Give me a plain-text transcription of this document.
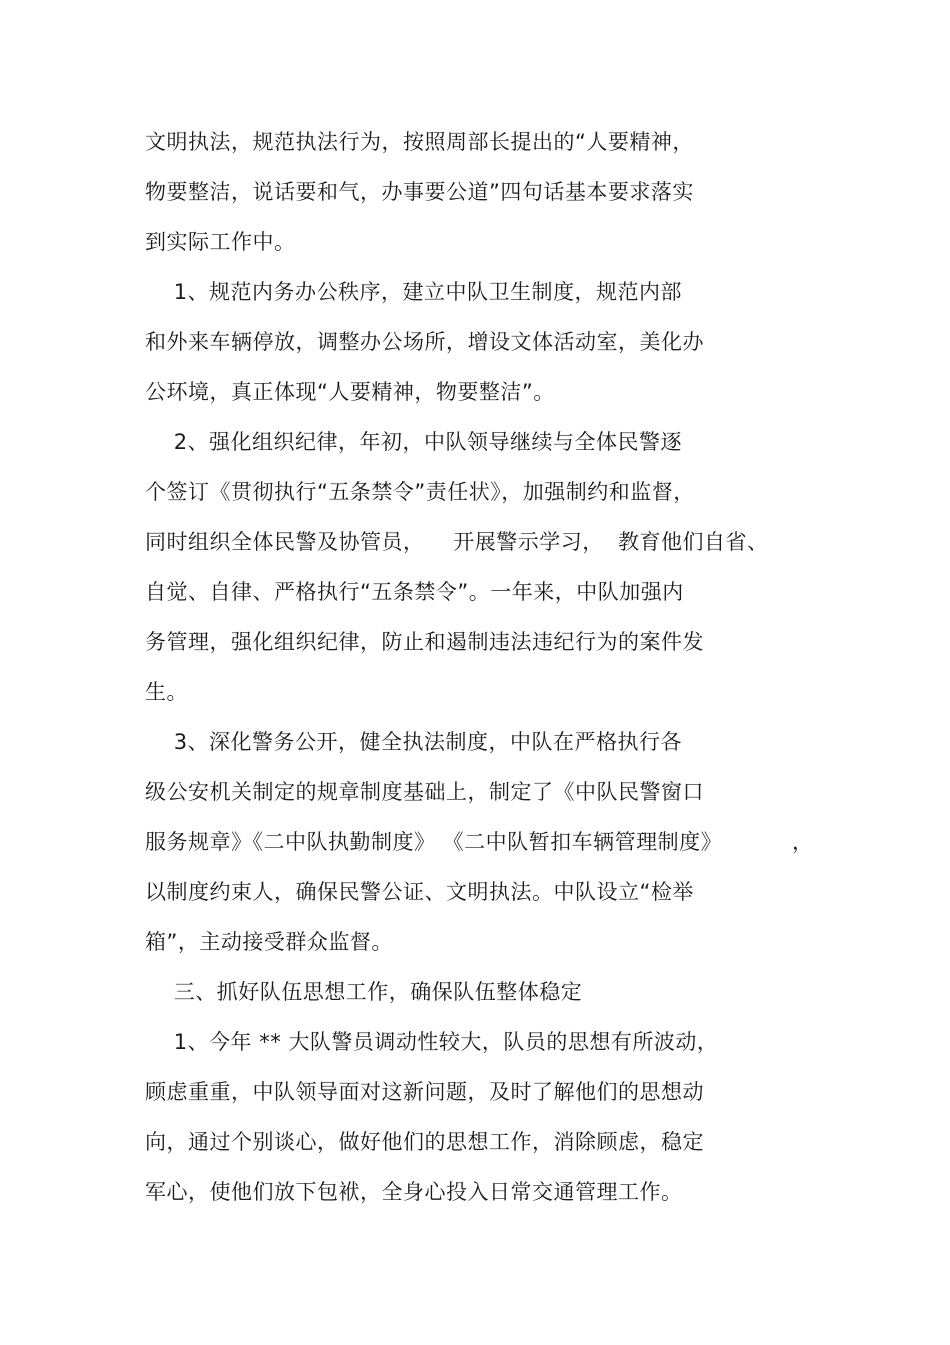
文明执法，规范执法行为，按照周部长提出的“人要精神，
物要整洁，说话要和气，办事要公道”四句话基本要求落实
到实际工作中。
1、规范内务办公秩序，建立中队卫生制度，规范内部
和外来车辆停放，调整办公场所，增设文体活动室，美化办
公环境，真正体现“人要精神，物要整洁”。
2、强化组织纪律，年初，中队领导继续与全体民警逐
个签订《贯彻执行“五条禁令”责任状》，加强制约和监督，
同时组织全体民警及协管员，    开展警示学习，  教育他们自省、
自觉、自律、严格执行“五条禁令”。一年来，中队加强内
务管理，强化组织纪律，防止和遏制违法违纪行为的案件发
生。
3、深化警务公开，健全执法制度，中队在严格执行各
级公安机关制定的规章制度基础上，制定了《中队民警窗口
服务规章》《二中队执勤制度》 《二中队暂扣车辆管理制度》	，
以制度约束人，确保民警公证、文明执法。中队设立“检举
箱”，主动接受群众监督。
三、抓好队伍思想工作，确保队伍整体稳定
1、今年 ** 大队警员调动性较大，队员的思想有所波动，
顾虑重重，中队领导面对这新问题，及时了解他们的思想动
向，通过个别谈心，做好他们的思想工作，消除顾虑，稳定
军心，使他们放下包袱，全身心投入日常交通管理工作。
